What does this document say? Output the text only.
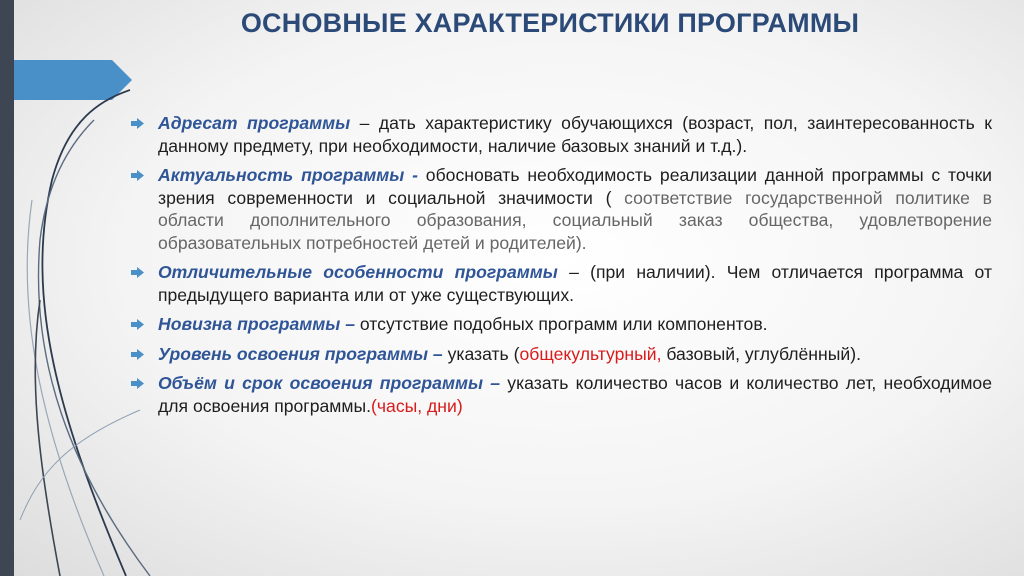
ОСНОВНЫЕ ХАРАКТЕРИСТИКИ ПРОГРАММЫ
Адресат программы – дать характеристику обучающихся (возраст, пол, заинтересованность к данному предмету, при необходимости, наличие базовых знаний и т.д.).
Актуальность программы - обосновать необходимость реализации данной программы с точки зрения современности и социальной значимости ( соответствие государственной политике в области дополнительного образования, социальный заказ общества, удовлетворение образовательных потребностей детей и родителей).
Отличительные особенности программы – (при наличии). Чем отличается программа от предыдущего варианта или от уже существующих.
Новизна программы – отсутствие подобных программ или компонентов.
Уровень освоения программы – указать (общекультурный, базовый, углублённый).
Объём и срок освоения программы – указать количество часов и количество лет, необходимое для освоения программы.(часы, дни)
